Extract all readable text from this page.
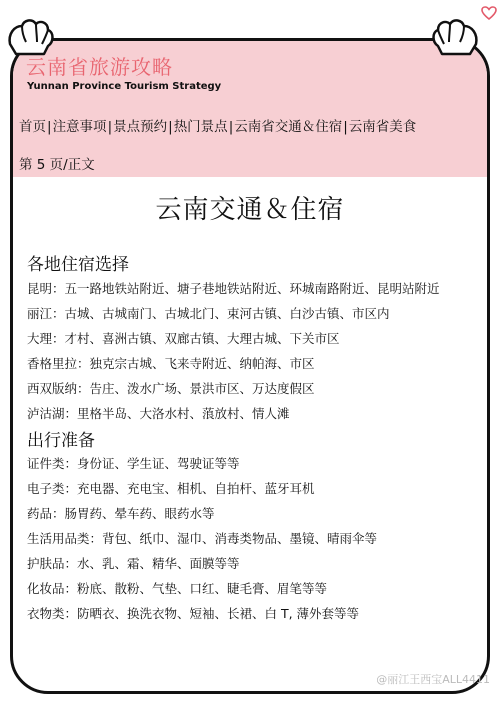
云南省旅游攻略
Yunnan Province Tourism Strategy
首页|注意事项|景点预约|热门景点|云南省交通＆住宿|云南省美食
第 5 页/正文
云南交通＆住宿
各地住宿选择
昆明：五一路地铁站附近、塘子巷地铁站附近、环城南路附近、昆明站附近
丽江：古城、古城南门、古城北门、束河古镇、白沙古镇、市区内
大理：才村、喜洲古镇、双廊古镇、大理古城、下关市区
香格里拉：独克宗古城、飞来寺附近、纳帕海、市区
西双版纳：告庄、泼水广场、景洪市区、万达度假区
泸沽湖：里格半岛、大洛水村、蒗放村、情人滩
出行准备
证件类：身份证、学生证、驾驶证等等
电子类：充电器、充电宝、相机、自拍杆、蓝牙耳机
药品：肠胃药、晕车药、眼药水等
生活用品类：背包、纸巾、湿巾、消毒类物品、墨镜、晴雨伞等
护肤品：水、乳、霜、精华、面膜等等
化妆品：粉底、散粉、气垫、口红、睫毛膏、眉笔等等
衣物类：防晒衣、换洗衣物、短袖、长裙、白 T, 薄外套等等
@丽江王西宝ALL4411
